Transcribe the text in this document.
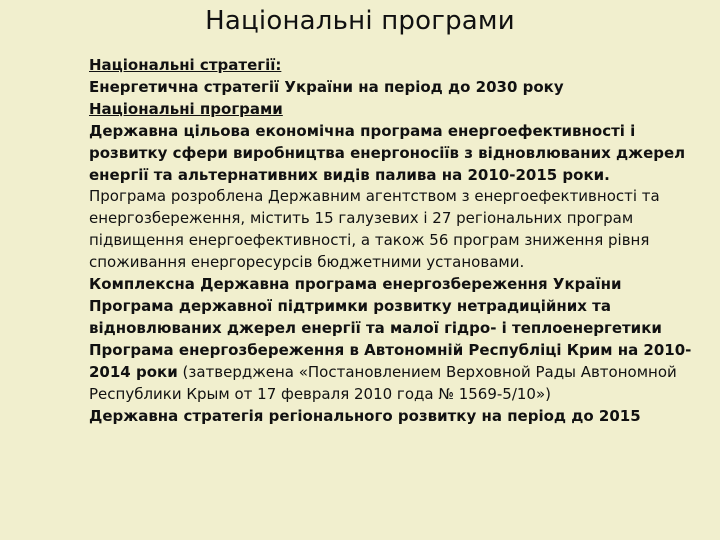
Національні програми

Національні стратегії:

Енергетична стратегії України на період до 2030 року

Національні програми

Державна цільова економічна програма енергоефективності і розвитку сфери виробництва енергоносіїв з відновлюваних джерел енергії та альтернативних видів палива на 2010-2015 роки.

Програма розроблена Державним агентством з енергоефективності та енергозбереження, містить 15 галузевих і 27 регіональних програм підвищення енергоефективності, а також 56 програм зниження рівня споживання енергоресурсів бюджетними установами.

Комплексна Державна програма енергозбереження України

Програма державної підтримки розвитку нетрадиційних та відновлюваних джерел енергії та малої гідро- і теплоенергетики

Програма енергозбереження в Автономній Республіці Крим на 2010-2014 роки (затверджена «Постановлением Верховной Рады Автономной Республики Крым от 17 февраля 2010 года № 1569-5/10»)

Державна стратегія регіонального розвитку на період до 2015
